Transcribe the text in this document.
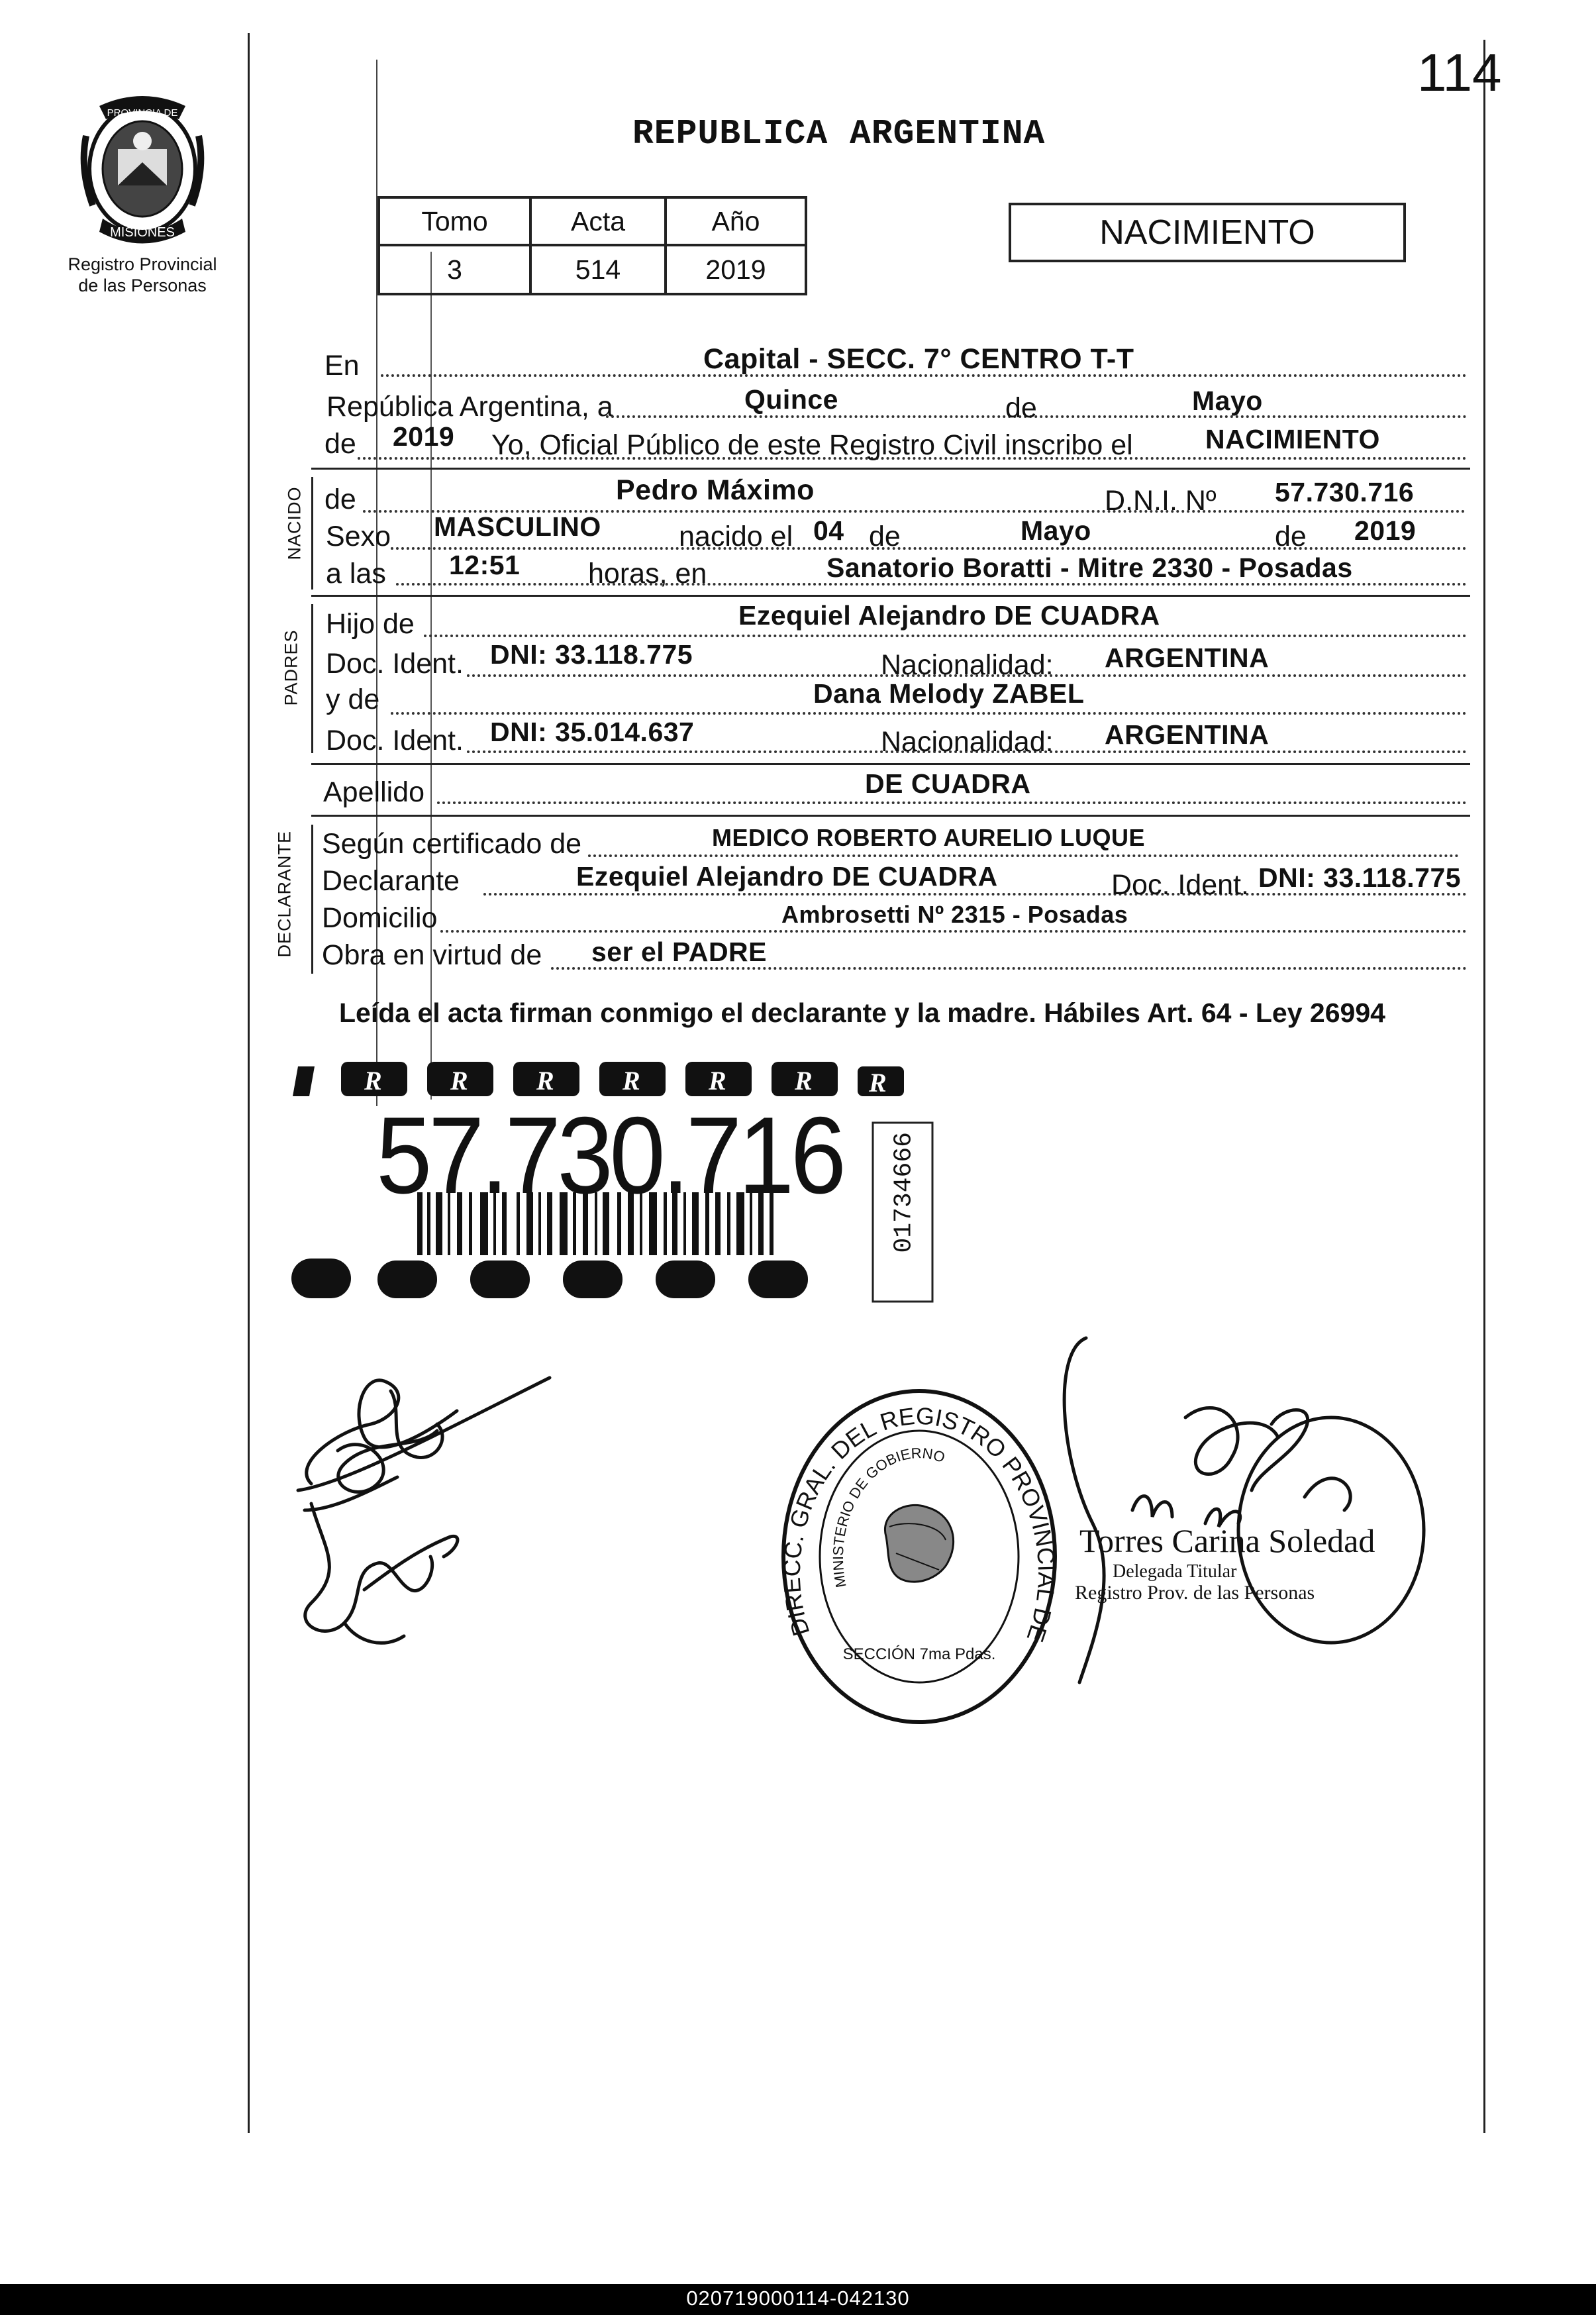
114
PROVINCIA DE
MISIONES
Registro Provincial
de las Personas
REPUBLICA ARGENTINA
Tomo	Acta	Año
3	514	2019
NACIMIENTO
En	Capital - SECC. 7° CENTRO T-T
República Argentina, a	Quince	de	Mayo
de 2019 Yo, Oficial Público de este Registro Civil inscribo el	NACIMIENTO
NACIDO de	Pedro Máximo	D.N.I. Nº 57.730.716
Sexo MASCULINO	nacido el 04 de	Mayo	de 2019
a las 12:51 horas, en	Sanatorio Boratti - Mitre 2330 - Posadas
PADRES
Hijo de	Ezequiel Alejandro DE CUADRA
Doc. Ident. DNI: 33.118.775	Nacionalidad: ARGENTINA
y de	Dana Melody ZABEL
Doc. Ident. DNI: 35.014.637	Nacionalidad: ARGENTINA
Apellido	DE CUADRA
DECLARANTE Según certificado de	MEDICO ROBERTO AURELIO LUQUE
Declarante	Ezequiel Alejandro DE CUADRA	Doc. Ident. DNI: 33.118.775
Domicilio	Ambrosetti Nº 2315 - Posadas
Obra en virtud de ser el PADRE
Leída el acta firman conmigo el declarante y la madre. Hábiles Art. 64 - Ley 26994
R	R	R	R	R	R R
01734666
57.730.716
DIRECC. GRAL. DEL REGISTRO PROVINCIAL DE
MINISTERIO DE GOBIERNO
SECCIÓN 7ma Pdas.
Torres Carina Soledad
Delegada Titular
Registro Prov. de las Personas
020719000114-042130
